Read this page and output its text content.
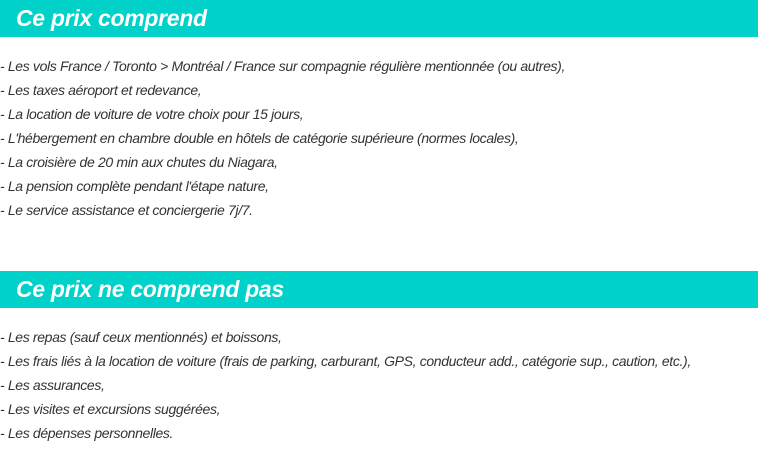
Ce prix comprend
- Les vols France / Toronto > Montréal / France sur compagnie régulière mentionnée (ou autres),
- Les taxes aéroport et redevance,
- La location de voiture de votre choix pour 15 jours,
- L'hébergement en chambre double en hôtels de catégorie supérieure (normes locales),
- La croisière de 20 min aux chutes du Niagara,
- La pension complète pendant l'étape nature,
- Le service assistance et conciergerie 7j/7.
Ce prix ne comprend pas
- Les repas (sauf ceux mentionnés) et boissons,
- Les frais liés à la location de voiture (frais de parking, carburant, GPS, conducteur add., catégorie sup., caution, etc.),
- Les assurances,
- Les visites et excursions suggérées,
- Les dépenses personnelles.
